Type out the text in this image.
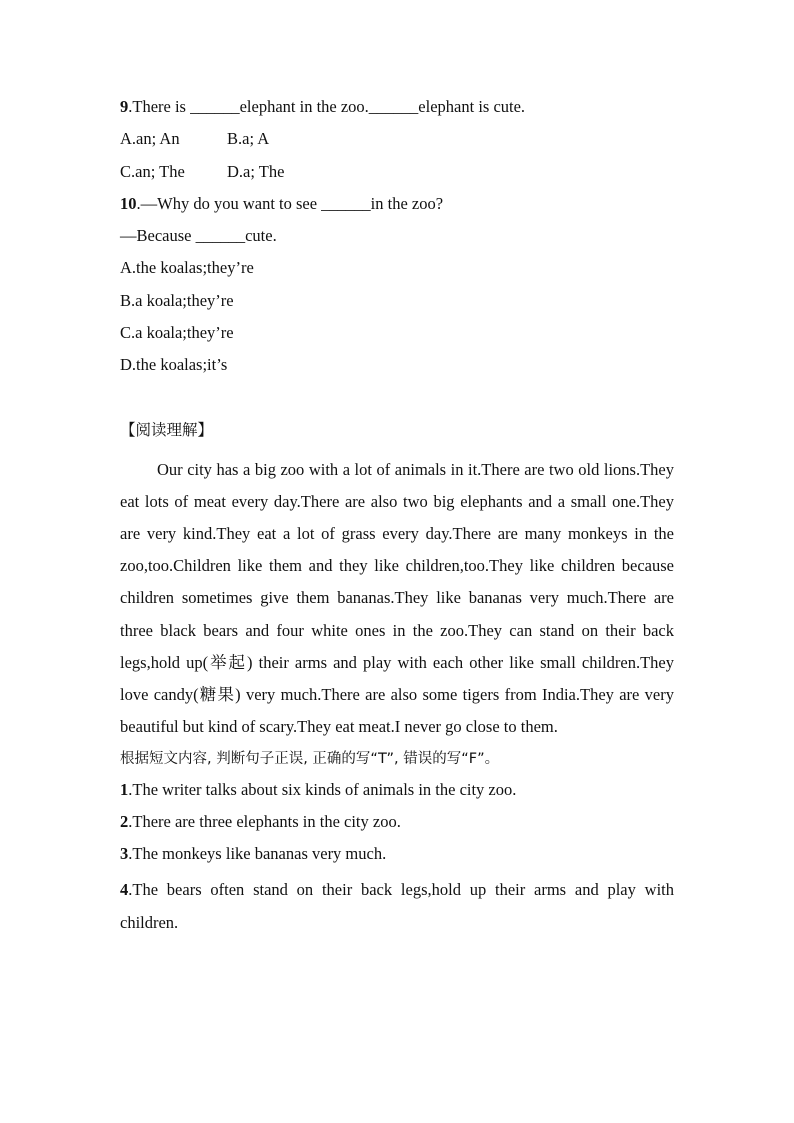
9.There is ______elephant in the zoo.______elephant is cute.
A.an; An	B.a; A
C.an; The	D.a; The
10.—Why do you want to see ______in the zoo?
—Because ______cute.
A.the koalas;they’re
B.a koala;they’re
C.a koala;they’re
D.the koalas;it’s
【阅读理解】

Our city has a big zoo with a lot of animals in it.There are two old lions.They eat lots of meat every day.There are also two big elephants and a small one.They are very kind.They eat a lot of grass every day.There are many monkeys in the zoo,too.Children like them and they like children,too.They like children because children sometimes give them bananas.They like bananas very much.There are three black bears and four white ones in the zoo.They can stand on their back legs,hold up(举起) their arms and play with each other like small children.They love candy(糖果) very much.There are also some tigers from India.They are very beautiful but kind of scary.They eat meat.I never go close to them.

根据短文内容, 判断句子正误, 正确的写“T”, 错误的写“F”。
1.The writer talks about six kinds of animals in the city zoo.
2.There are three elephants in the city zoo.
3.The monkeys like bananas very much.

4.The bears often stand on their back legs,hold up their arms and play with children.
